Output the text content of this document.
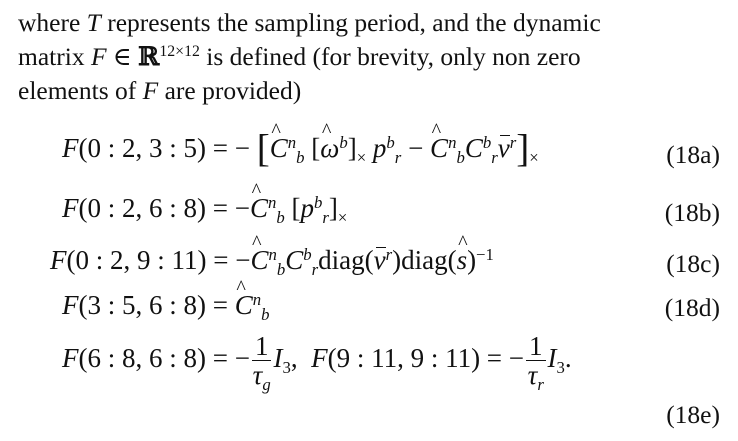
where T represents the sampling period, and the dynamic
matrix F ∈ ℝ$^{12\times 12}$ is defined (for brevity, only non zero
elements of F are provided)
F(0 : 2, 3 : 5) = − [^ $C^n_b$ [^ $\omega^b]_\times$ $p^b_r$ − ^ $C^n_bC^b_rv^r]_\times$	(18a)
F(0 : 2, 6 : 8) = −^ $C^n_b$ $[p^b_r]_\times$	(18b)
F(0 : 2, 9 : 11) = −^ $C^n_bC^b_rdiag(v^r)diag(\^{}$ s)$^{-1}$	(18c)
F(3 : 5, 6 : 8) = ^ $C^n_b$	(18d)
F(6 : 8, 6 : 8) = − $\frac{1}{\tau_g} I_3$,  F(9 : 11, 9 : 11) = − $\frac{1}{\tau_r} I_3$.
(18e)
